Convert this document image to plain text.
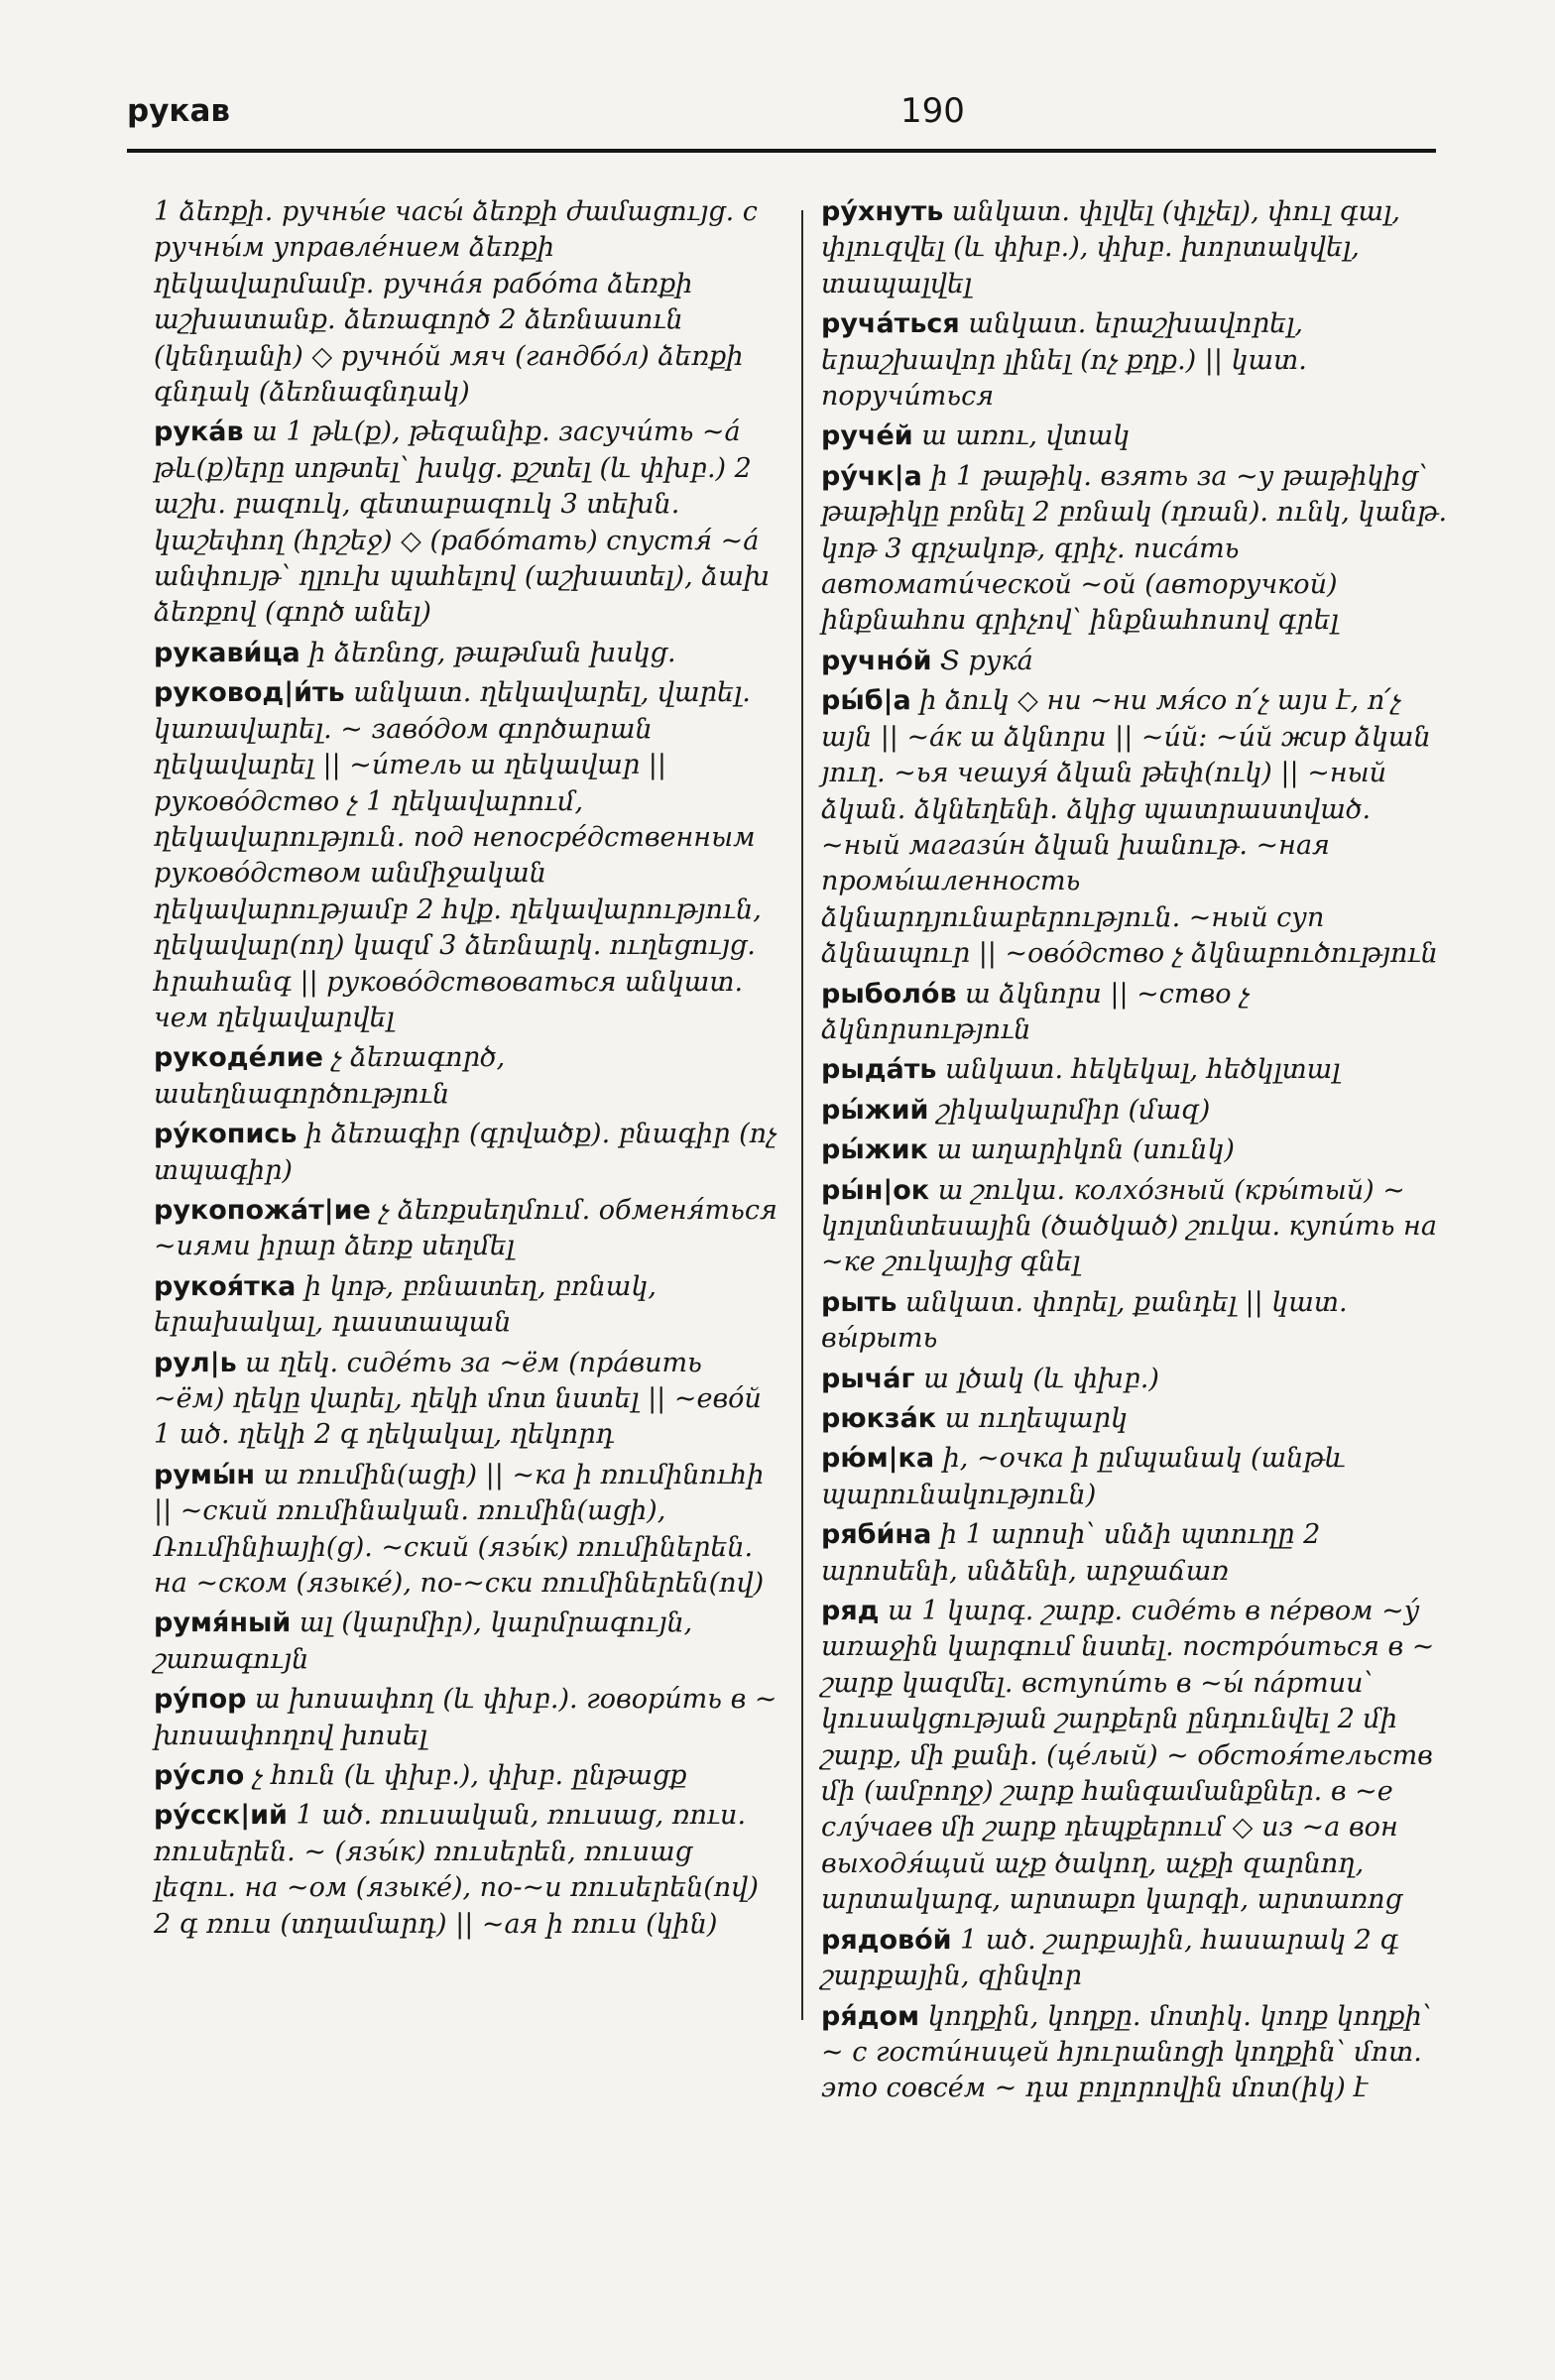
рукав	190
1 ձեռքի. ручны́е часы́ ձեռքի ժամացույց. с ручны́м управле́нием ձեռքի ղեկավարմամբ. ручна́я рабо́та ձեռքի աշխատանք. ձեռագործ 2 ձեռնասուն (կենդանի) ◇ ручно́й мяч (гандбо́л) ձեռքի գնդակ (ձեռնագնդակ)
рука́в ա 1 թև(ք), թեզանիք. засучи́ть ~а́ թև(ք)երը սոթտել՝ խսկց. քշտել (և փխբ.) 2 աշխ. բազուկ, գետաբազուկ 3 տեխն. կաշեփող (հրշեջ) ◇ (рабо́тать) спустя́ ~а́ անփույթ՝ ղլուխ պահելով (աշխատել), ձախ ձեռքով (գործ անել)
рукави́ца ի ձեռնոց, թաթման խսկց.
руковод|и́ть անկատ. ղեկավարել, վարել. կառավարել. ~ заво́дом գործարան ղեկավարել || ~и́тель ա ղեկավար || руково́дство չ 1 ղեկավարում, ղեկավարություն. под непосре́дственным руково́дством անմիջական ղեկավարությամբ 2 հվք. ղեկավարություն, ղեկավար(ող) կազմ 3 ձեռնարկ. ուղեցույց. հրահանգ || руково́дствоваться անկատ. чем ղեկավարվել
рукоде́лие չ ձեռագործ, ասեղնագործություն
ру́копись ի ձեռագիր (գրվածք). բնագիր (ոչ տպագիր)
рукопожа́т|ие չ ձեռքսեղմում. обменя́ться ~иями իրար ձեռք սեղմել
рукоя́тка ի կոթ, բռնատեղ, բռնակ, երախակալ, դաստապան
рул|ь ա ղեկ. сиде́ть за ~ём (пра́вить ~ём) ղեկը վարել, ղեկի մոտ նստել || ~ево́й 1 ած. ղեկի 2 գ ղեկակալ, ղեկորդ
румы́н ա ռումին(ացի) || ~ка ի ռումինուհի || ~ский ռումինական. ռումին(ացի), Ռումինիայի(ց). ~ский (язы́к) ռումիներեն. на ~ском (языке́), по-~ски ռումիներեն(ով)
румя́ный ալ (կարմիր), կարմրագույն, շառագույն
ру́пор ա խոսափող (և փխբ.). говори́ть в ~ խոսափողով խոսել
ру́сло չ հուն (և փխբ.), փխբ. ընթացք
ру́сск|ий 1 ած. ռուսական, ռուսաց, ռուս. ռուսերեն. ~ (язы́к) ռուսերեն, ռուսաց լեզու. на ~ом (языке́), по-~и ռուսերեն(ով) 2 գ ռուս (տղամարդ) || ~ая ի ռուս (կին)
ру́хнуть անկատ. փլվել (փլչել), փուլ գալ, փլուզվել (և փխբ.), փխբ. խորտակվել, տապալվել
руча́ться անկատ. երաշխավորել, երաշխավոր լինել (ոչ քղք.) || կատ. поручи́ться
руче́й ա առու, վտակ
ру́чк|а ի 1 թաթիկ. взять за ~у թաթիկից՝ թաթիկը բռնել 2 բռնակ (դռան). ունկ, կանթ. կոթ 3 գրչակոթ, գրիչ. писа́ть автомати́ческой ~ой (авторучкой) ինքնահոս գրիչով՝ ինքնահոսով գրել
ручно́й Տ рука́
ры́б|а ի ձուկ ◇ ни ~ни мя́со ո՛չ այս է, ո՛չ այն || ~а́к ա ձկնորս || ~и́й: ~и́й жир ձկան յուղ. ~ья чешуя́ ձկան թեփ(ուկ) || ~ный ձկան. ձկնեղենի. ձկից պատրաստված. ~ный магази́н ձկան խանութ. ~ная промы́шленность ձկնարդյունաբերություն. ~ный суп ձկնապուր || ~ово́дство չ ձկնաբուծություն
рыболо́в ա ձկնորս || ~ство չ ձկնորսություն
рыда́ть անկատ. հեկեկալ, հեծկլտալ
ры́жий շիկակարմիր (մազ)
ры́жик ա աղարիկոն (սունկ)
ры́н|ок ա շուկա. колхо́зный (кры́тый) ~ կոլտնտեսային (ծածկած) շուկա. купи́ть на ~ке շուկայից գնել
рыть անկատ. փորել, քանդել || կատ. вы́рыть
рыча́г ա լծակ (և փխբ.)
рюкза́к ա ուղեպարկ
рю́м|ка ի, ~очка ի ըմպանակ (անթև պարունակություն)
ряби́на ի 1 արոսի՝ սնձի պտուղը 2 արոսենի, սնձենի, արջաճառ
ряд ա 1 կարգ. շարք. сиде́ть в пе́рвом ~у́ առաջին կարգում նստել. постро́иться в ~ շարք կազմել. вступи́ть в ~ы́ па́ртии՝ կուսակցության շարքերն ընդունվել 2 մի շարք, մի քանի. (це́лый) ~ обстоя́тельств մի (ամբողջ) շարք հանգամանքներ. в ~е слу́чаев մի շարք դեպքերում ◇ из ~а вон выходя́щий աչք ծակող, աչքի զարնող, արտակարգ, արտաքո կարգի, արտառոց
рядово́й 1 ած. շարքային, հասարակ 2 գ շարքային, զինվոր
ря́дом կողքին, կողքը. մոտիկ. կողք կողքի՝ ~ с гости́ницей հյուրանոցի կողքին՝ մոտ. это совсе́м ~ դա բոլորովին մոտ(իկ) է
